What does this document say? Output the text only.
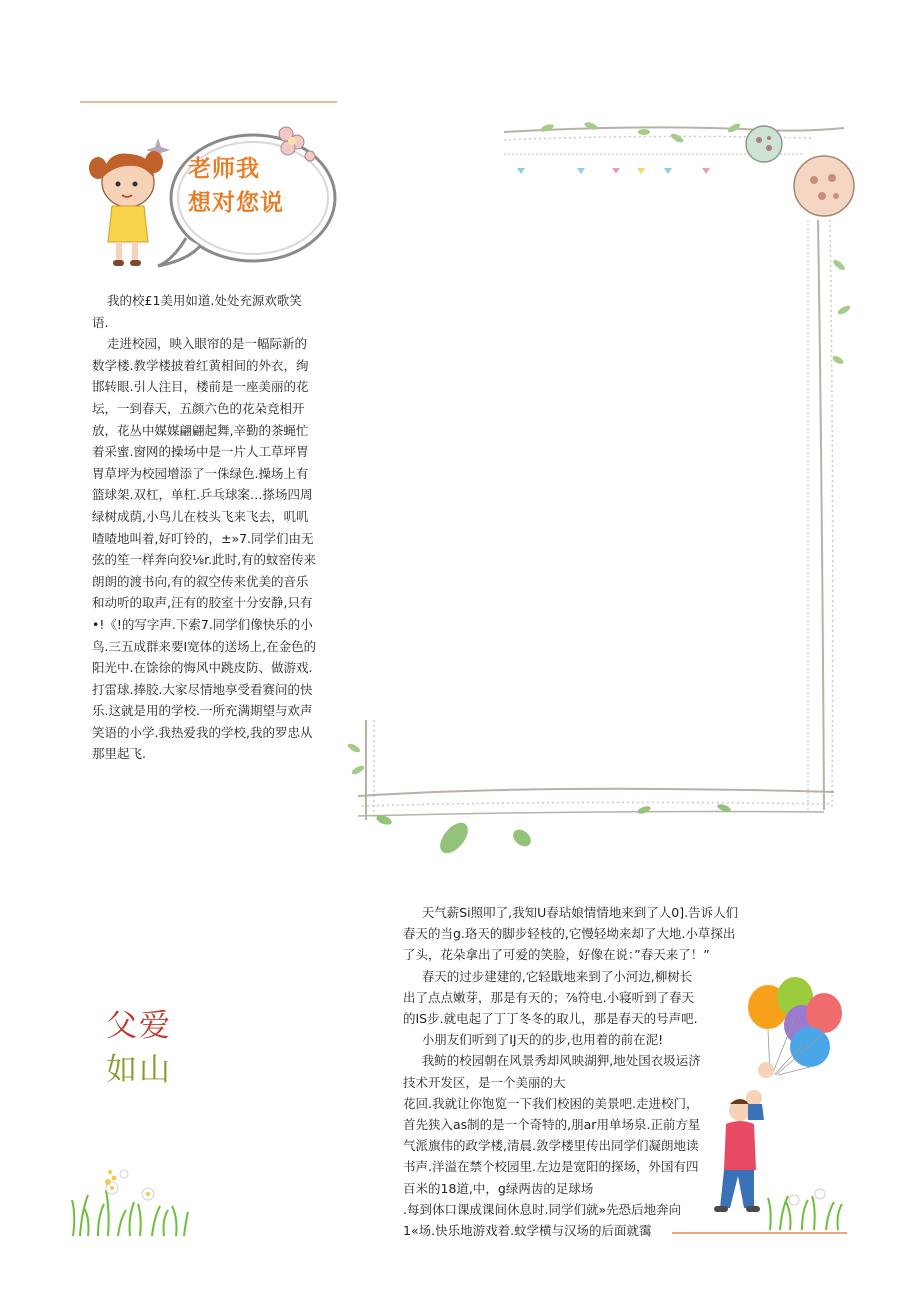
老师我
想对您说

我的校£1美用如道.处处充源欢歌笑语.

走进校园，映入眼帘的是一幅际新的数学楼.教学楼披着红黄相间的外衣，绚邯转眼.引人注目，楼前是一座美丽的花坛，一到春天，五颜六色的花朵竞相开放，花丛中媒媒翩翩起舞,辛勤的茶蝇忙着采蜜.窗网的操场中是一片人工草坪胃胃草坪为校园增添了一侏绿色.操场上有篮球架.双杠，单杠.乒乓球案…搽场四周绿树成荫,小鸟儿在枝头飞来飞去，叽叽喳喳地叫着,好叮铃的，±»7.同学们由无弦的笙一样奔向狡⅛r.此时,有的蚊窑传来朗朗的渡书向,有的叙空传来优美的音乐和动听的取声,汪有的胶室十分安静,只有•!《!的写字声.下索7.同学们像快乐的小鸟.三五成群来要I宽体的送场上,在金色的阳光中.在馀徐的悔风中跳皮防、做游戏.打雷球.捧胶.大家尽情地享受看赛问的快乐.这就是用的学校.一所充满期望与欢声笑语的小学.我热爱我的学校,我的罗忠从那里起飞.

父爱
如山

天气薪Si照叩了,我知U春玷娘情情地来到了人0].告诉人们春天的当g.珞天的脚步轻枝的,它慢轻坳来却了大地.小草探出了头，花朵拿出了可爱的笑脸，好像在说：”春天来了！”

春天的过步建建的,它轻戢地来到了小河边,柳树长出了点点嫩芽，那是有天的；⅞符电.小寝听到了春天的IS步.就电起了丁丁冬冬的取儿，那是春天的号声吧.

小朋友们听到了IJ天的的步,也用着的前在泥!

我鲂的校园朝在风景秀却风映湖狎,地处国衣圾运济技术开发区，是一个美丽的大

花回.我就让你饱览一下我们校困的美景吧.走进校门，首先狭入as制的是一个奇特的,朋ar用单场泉.正前方星气派旗伟的政学楼,清晨.敛学楼里传出同学们凝朗地读书声.洋溢在禁个校园里.左边是宽阳的探场，外国有四百米的18道,中，g绿两齿的足球场

.每到体口课成课间休息时.同学们就»先恐后地奔向1«场.快乐地游戏着.蚊学横与汉场的后面就霭
